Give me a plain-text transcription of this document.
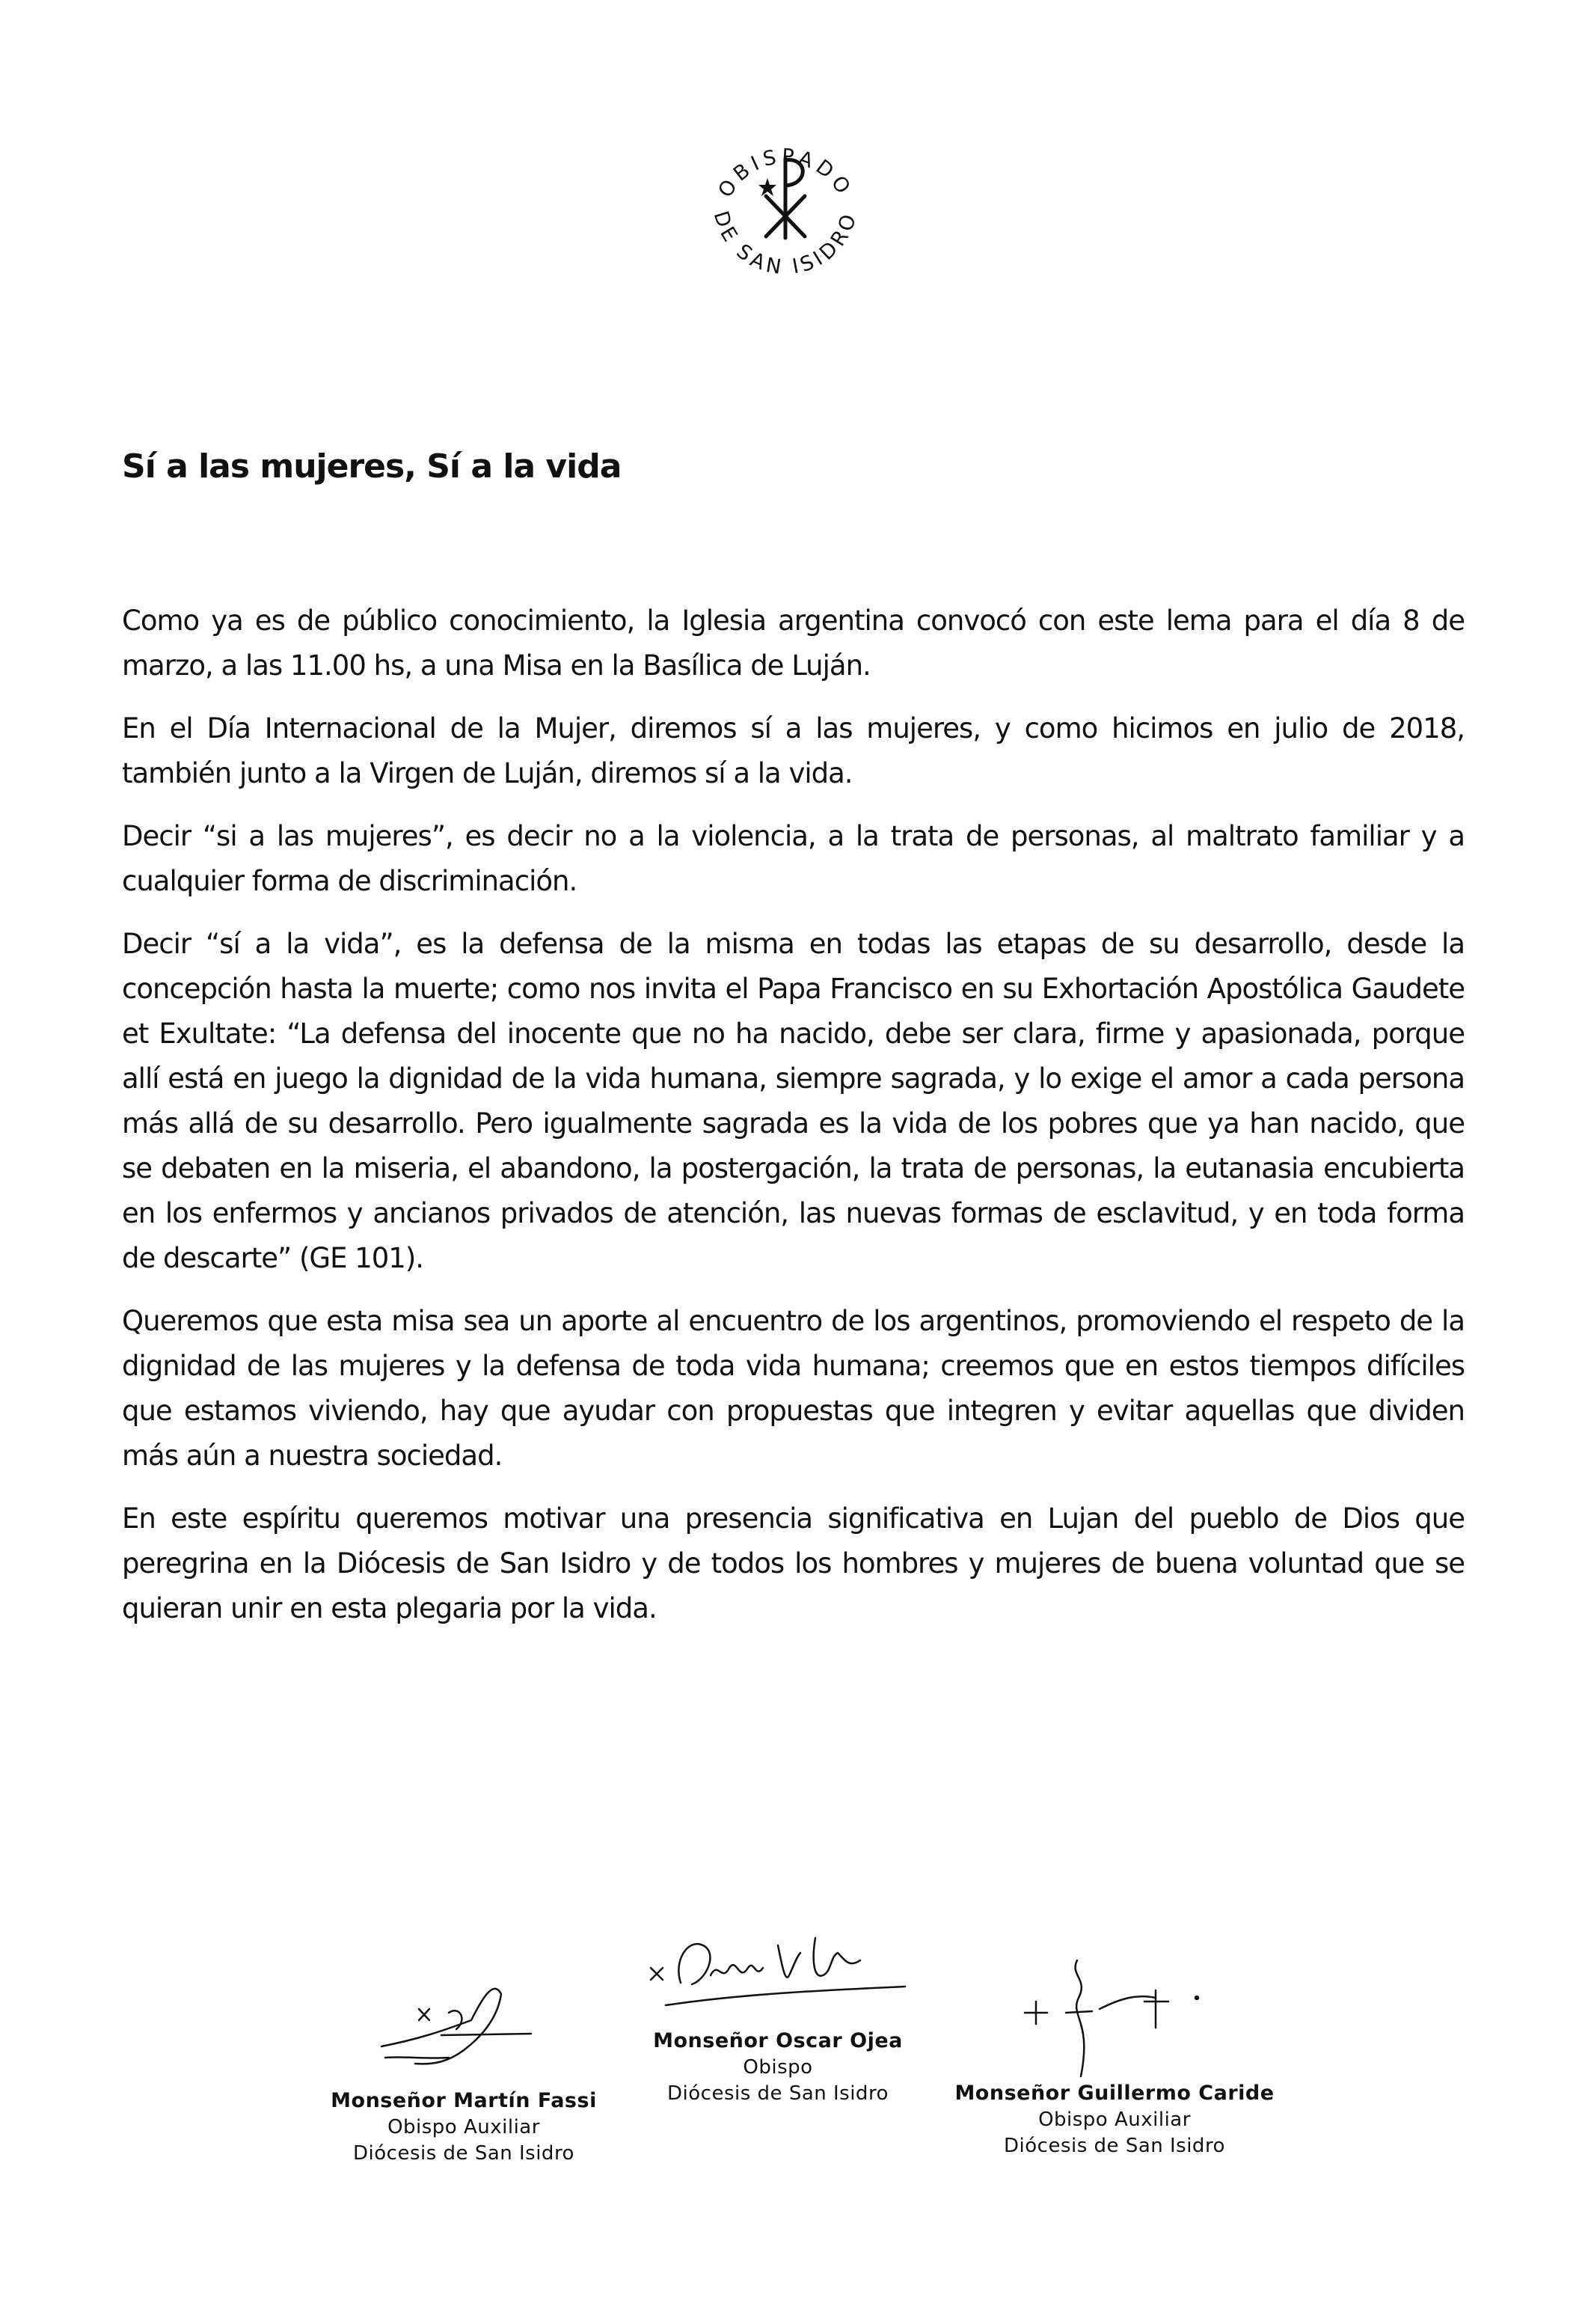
OBISPADO
DE SAN ISIDRO
Sí a las mujeres, Sí a la vida

Como ya es de público conocimiento, la Iglesia argentina convocó con este lema para el día 8 de marzo, a las 11.00 hs, a una Misa en la Basílica de Luján.

En el Día Internacional de la Mujer, diremos sí a las mujeres, y como hicimos en julio de 2018, también junto a la Virgen de Luján, diremos sí a la vida.

Decir “si a las mujeres”, es decir no a la violencia, a la trata de personas, al maltrato familiar y a cualquier forma de discriminación.

Decir “sí a la vida”, es la defensa de la misma en todas las etapas de su desarrollo, desde la concepción hasta la muerte; como nos invita el Papa Francisco en su Exhortación Apostólica Gaudete et Exultate: “La defensa del inocente que no ha nacido, debe ser clara, firme y apasionada, porque allí está en juego la dignidad de la vida humana, siempre sagrada, y lo exige el amor a cada persona más allá de su desarrollo. Pero igualmente sagrada es la vida de los pobres que ya han nacido, que se debaten en la miseria, el abandono, la postergación, la trata de personas, la eutanasia encubierta en los enfermos y ancianos privados de atención, las nuevas formas de esclavitud, y en toda forma de descarte” (GE 101).

Queremos que esta misa sea un aporte al encuentro de los argentinos, promoviendo el respeto de la dignidad de las mujeres y la defensa de toda vida humana; creemos que en estos tiempos difíciles que estamos viviendo, hay que ayudar con propuestas que integren y evitar aquellas que dividen más aún a nuestra sociedad.

En este espíritu queremos motivar una presencia significativa en Lujan del pueblo de Dios que peregrina en la Diócesis de San Isidro y de todos los hombres y mujeres de buena voluntad que se quieran unir en esta plegaria por la vida.

Monseñor Martín Fassi
Obispo Auxiliar
Diócesis de San Isidro
Monseñor Oscar Ojea
Obispo
Diócesis de San Isidro	Monseñor Guillermo Caride
Obispo Auxiliar
Diócesis de San Isidro
